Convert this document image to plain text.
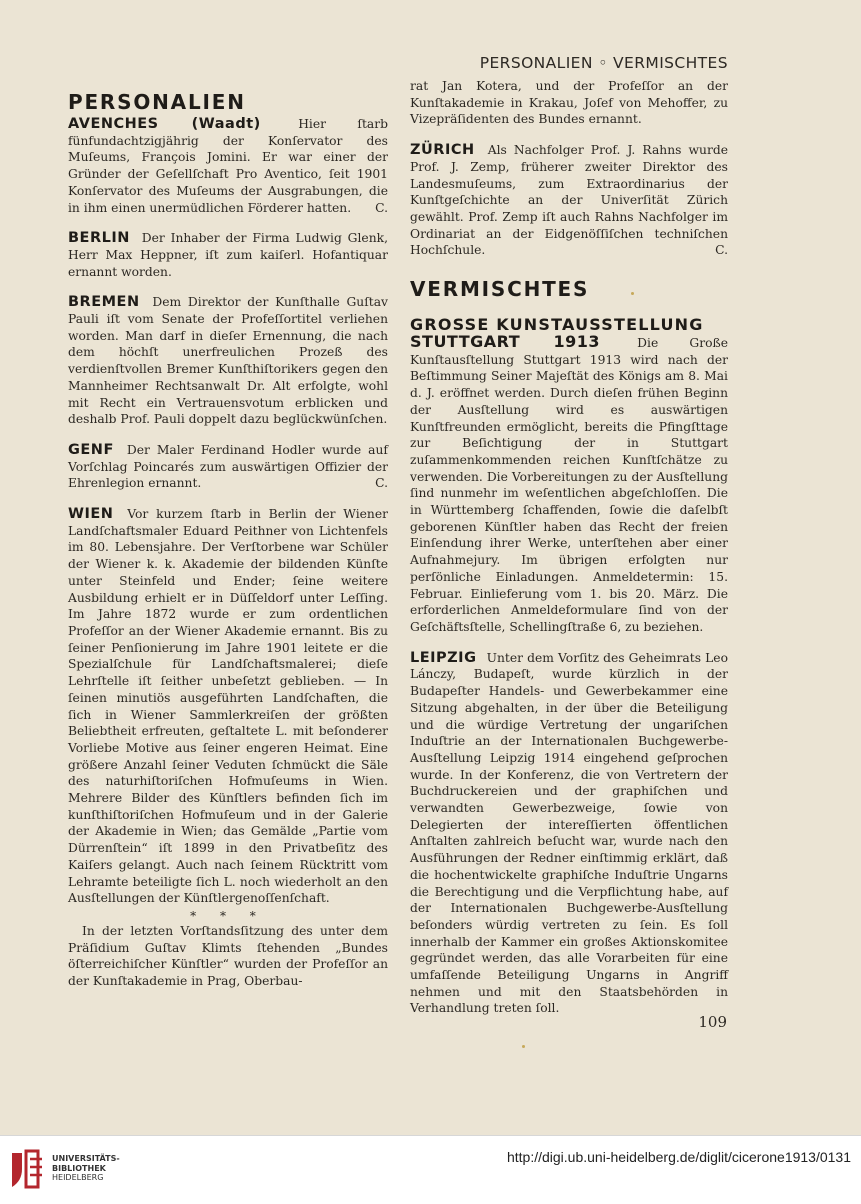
PERSONALIEN ◦ VERMISCHTES
PERSONALIEN

AVENCHES (Waadt)	Hier ſtarb fünfundachtzigjährig der Konſervator des Muſeums, François Jomini. Er war einer der Gründer der Geſellſchaft Pro Aventico, ſeit 1901 Konſervator des Muſeums der Ausgrabungen, die in ihm einen unermüdlichen Förderer hatten. C.

BERLIN Der Inhaber der Firma Ludwig Glenk, Herr Max Heppner, iſt zum kaiſerl. Hofantiquar ernannt worden.

BREMEN Dem Direktor der Kunſthalle Guſtav Pauli iſt vom Senate der Profeſſortitel verliehen worden. Man darf in dieſer Ernennung, die nach dem höchſt unerfreulichen Prozeß des verdienſtvollen Bremer Kunſthiſtorikers gegen den Mannheimer Rechtsanwalt Dr. Alt erfolgte, wohl mit Recht ein Vertrauensvotum erblicken und deshalb Prof. Pauli doppelt dazu beglückwünſchen.

GENF Der Maler Ferdinand Hodler wurde auf Vorſchlag Poincarés zum auswärtigen Offizier der Ehrenlegion ernannt.	C.

WIEN Vor kurzem ſtarb in Berlin der Wiener Landſchaftsmaler Eduard Peithner von Lichtenfels im 80. Lebensjahre. Der Verſtorbene war Schüler der Wiener k. k. Akademie der bildenden Künſte unter Steinfeld und Ender; ſeine weitere Ausbildung erhielt er in Düſſeldorf unter Leſſing. Im Jahre 1872 wurde er zum ordentlichen Profeſſor an der Wiener Akademie ernannt. Bis zu ſeiner Penſionierung im Jahre 1901 leitete er die Spezialſchule für Landſchaftsmalerei; dieſe Lehrſtelle iſt ſeither unbeſetzt geblieben. — In ſeinen minutiös ausgeführten Landſchaften, die ſich in Wiener Sammlerkreiſen der größten Beliebtheit erfreuten, geſtaltete L. mit beſonderer Vorliebe Motive aus ſeiner engeren Heimat. Eine größere Anzahl ſeiner Veduten ſchmückt die Säle des naturhiſtoriſchen Hofmuſeums in Wien. Mehrere Bilder des Künſtlers befinden ſich im kunſthiſtoriſchen Hofmuſeum und in der Galerie der Akademie in Wien; das Gemälde „Partie vom Dürrenſtein“ iſt 1899 in den Privatbeſitz des Kaiſers gelangt. Auch nach ſeinem Rücktritt vom Lehramte beteiligte ſich L. noch wiederholt an den Ausſtellungen der Künſtlergenoſſenſchaft.

* * *

In der letzten Vorſtandsſitzung des unter dem Präſidium Guſtav Klimts ſtehenden „Bundes öſterreichiſcher Künſtler“ wurden der Profeſſor an der Kunſtakademie in Prag, Oberbau-

rat Jan Kotera, und der Profeſſor an der Kunſtakademie in Krakau, Joſef von Mehoffer, zu Vizepräſidenten des Bundes ernannt.

ZÜRICH Als Nachfolger Prof. J. Rahns wurde Prof. J. Zemp, früherer zweiter Direktor des Landesmuſeums, zum Extraordinarius der Kunſtgeſchichte an der Univerſität Zürich gewählt. Prof. Zemp iſt auch Rahns Nachfolger im Ordinariat an der Eidgenöſſiſchen techniſchen Hochſchule.	C.

VERMISCHTES
GROSSE KUNSTAUSSTELLUNG

STUTTGART 1913	Die Große Kunſtausſtellung Stuttgart 1913 wird nach der Beſtimmung Seiner Majeſtät des Königs am 8. Mai d. J. eröffnet werden. Durch dieſen frühen Beginn der Ausſtellung wird es auswärtigen Kunſtfreunden ermöglicht, bereits die Pfingſttage zur Beſichtigung der in Stuttgart zuſammenkommenden reichen Kunſtſchätze zu verwenden. Die Vorbereitungen zu der Ausſtellung ſind nunmehr im weſentlichen abgeſchloſſen. Die in Württemberg ſchaffenden, ſowie die daſelbſt geborenen Künſtler haben das Recht der freien Einſendung ihrer Werke, unterſtehen aber einer Aufnahmejury. Im übrigen erfolgten nur perſönliche Einladungen. Anmeldetermin: 15. Februar. Einlieferung vom 1. bis 20. März. Die erforderlichen Anmeldeformulare ſind von der Geſchäftsſtelle, Schellingſtraße 6, zu beziehen.

LEIPZIG Unter dem Vorſitz des Geheimrats Leo Lánczy, Budapeſt, wurde kürzlich in der Budapeſter Handels- und Gewerbekammer eine Sitzung abgehalten, in der über die Beteiligung und die würdige Vertretung der ungariſchen Induſtrie an der Internationalen Buchgewerbe-Ausſtellung Leipzig 1914 eingehend geſprochen wurde. In der Konferenz, die von Vertretern der Buchdruckereien und der graphiſchen und verwandten Gewerbezweige, ſowie von Delegierten der intereſſierten öffentlichen Anſtalten zahlreich beſucht war, wurde nach den Ausführungen der Redner einſtimmig erklärt, daß die hochentwickelte graphiſche Induſtrie Ungarns die Berechtigung und die Verpflichtung habe, auf der Internationalen Buchgewerbe-Ausſtellung beſonders würdig vertreten zu ſein. Es ſoll innerhalb der Kammer ein großes Aktionskomitee gegründet werden, das alle Vorarbeiten für eine umfaſſende Beteiligung Ungarns in Angriff nehmen und mit den Staatsbehörden in Verhandlung treten ſoll.

109
UNIVERSITÄTS-
BIBLIOTHEK
HEIDELBERG
http://digi.ub.uni-heidelberg.de/diglit/cicerone1913/0131
